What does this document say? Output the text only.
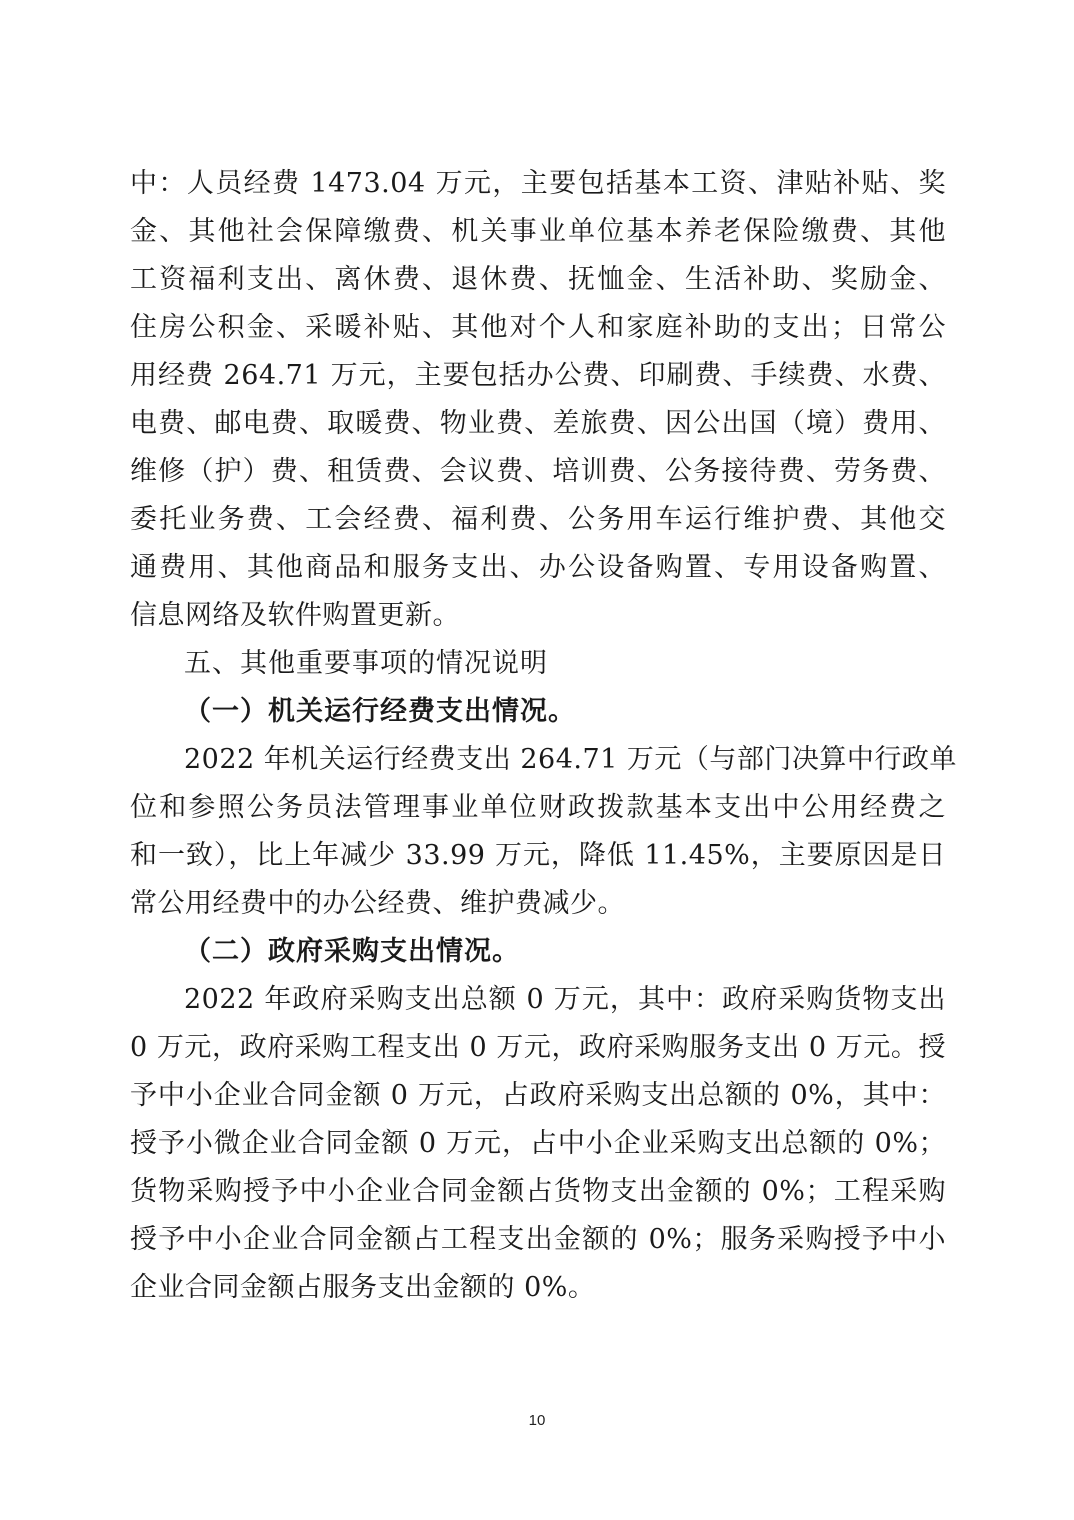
中：人员经费 1473.04 万元，主要包括基本工资、津贴补贴、奖
金、其他社会保障缴费、机关事业单位基本养老保险缴费、其他
工资福利支出、离休费、退休费、抚恤金、生活补助、奖励金、
住房公积金、采暖补贴、其他对个人和家庭补助的支出；日常公
用经费 264.71 万元，主要包括办公费、印刷费、手续费、水费、
电费、邮电费、取暖费、物业费、差旅费、因公出国（境）费用、
维修（护）费、租赁费、会议费、培训费、公务接待费、劳务费、
委托业务费、工会经费、福利费、公务用车运行维护费、其他交
通费用、其他商品和服务支出、办公设备购置、专用设备购置、
信息网络及软件购置更新。
五、其他重要事项的情况说明
（一）机关运行经费支出情况。
2022 年机关运行经费支出 264.71 万元（与部门决算中行政单
位和参照公务员法管理事业单位财政拨款基本支出中公用经费之
和一致），比上年减少 33.99 万元，降低 11.45%，主要原因是日
常公用经费中的办公经费、维护费减少。
（二）政府采购支出情况。
2022 年政府采购支出总额 0 万元，其中：政府采购货物支出
0 万元，政府采购工程支出 0 万元，政府采购服务支出 0 万元。授
予中小企业合同金额 0 万元，占政府采购支出总额的 0%，其中：
授予小微企业合同金额 0 万元，占中小企业采购支出总额的 0%；
货物采购授予中小企业合同金额占货物支出金额的 0%；工程采购
授予中小企业合同金额占工程支出金额的 0%；服务采购授予中小
企业合同金额占服务支出金额的 0%。
10
